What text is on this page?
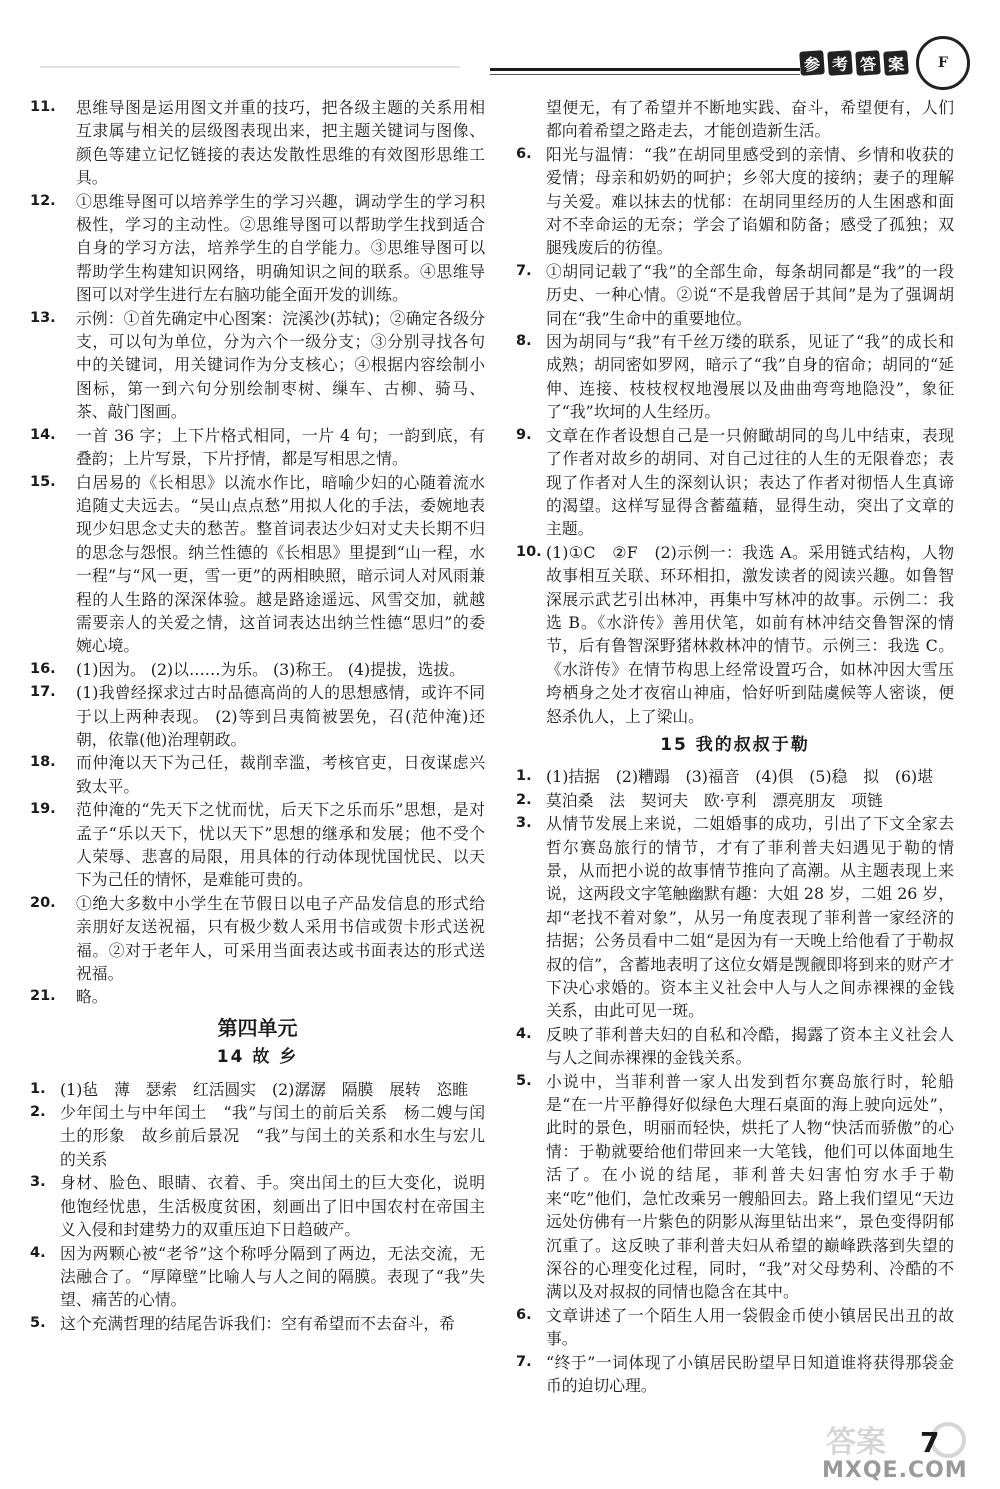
参 考 答 案	F
11.	思维导图是运用图文并重的技巧，把各级主题的关系用相互隶属与相关的层级图表现出来，把主题关键词与图像、颜色等建立记忆链接的表达发散性思维的有效图形思维工具。
12.	①思维导图可以培养学生的学习兴趣，调动学生的学习积极性，学习的主动性。②思维导图可以帮助学生找到适合自身的学习方法，培养学生的自学能力。③思维导图可以帮助学生构建知识网络，明确知识之间的联系。④思维导图可以对学生进行左右脑功能全面开发的训练。
13.	示例：①首先确定中心图案：浣溪沙(苏轼)；②确定各级分支，可以句为单位，分为六个一级分支；③分别寻找各句中的关键词，用关键词作为分支核心；④根据内容绘制小图标，第一到六句分别绘制枣树、缫车、古柳、骑马、茶、敲门图画。
14.	一首 36 字；上下片格式相同，一片 4 句；一韵到底，有叠韵；上片写景，下片抒情，都是写相思之情。
15.	白居易的《长相思》以流水作比，暗喻少妇的心随着流水追随丈夫远去。“吴山点点愁”用拟人化的手法，委婉地表现少妇思念丈夫的愁苦。整首词表达少妇对丈夫长期不归的思念与怨恨。纳兰性德的《长相思》里提到“山一程，水一程”与“风一更，雪一更”的两相映照，暗示词人对风雨兼程的人生路的深深体验。越是路途遥远、风雪交加，就越需要亲人的关爱之情，这首词表达出纳兰性德“思归”的委婉心境。
16.	(1)因为。 (2)以……为乐。 (3)称王。 (4)提拔，选拔。
17.	(1)我曾经探求过古时品德高尚的人的思想感情，或许不同于以上两种表现。 (2)等到吕夷简被罢免，召(范仲淹)还朝，依靠(他)治理朝政。
18.	而仲淹以天下为己任，裁削幸滥，考核官吏，日夜谋虑兴致太平。
19.	范仲淹的“先天下之忧而忧，后天下之乐而乐”思想，是对孟子“乐以天下，忧以天下”思想的继承和发展；他不受个人荣辱、悲喜的局限，用具体的行动体现忧国忧民、以天下为己任的情怀，是难能可贵的。
20.	①绝大多数中小学生在节假日以电子产品发信息的形式给亲朋好友送祝福，只有极少数人采用书信或贺卡形式送祝福。②对于老年人，可采用当面表达或书面表达的形式送祝福。
21.	略。
第四单元
14 故 乡
1. (1)毡　薄　瑟索　红活圆实　(2)潺潺　隔膜　展转　恣睢
2. 少年闰土与中年闰土　“我”与闰土的前后关系　杨二嫂与闰土的形象　故乡前后景况　“我”与闰土的关系和水生与宏儿的关系
3. 身材、脸色、眼睛、衣着、手。突出闰土的巨大变化，说明他饱经忧患，生活极度贫困，刻画出了旧中国农村在帝国主义入侵和封建势力的双重压迫下日趋破产。
4. 因为两颗心被“老爷”这个称呼分隔到了两边，无法交流，无法融合了。“厚障壁”比喻人与人之间的隔膜。表现了“我”失望、痛苦的心情。
5. 这个充满哲理的结尾告诉我们：空有希望而不去奋斗，希
望便无，有了希望并不断地实践、奋斗，希望便有，人们都向着希望之路走去，才能创造新生活。
6. 阳光与温情：“我”在胡同里感受到的亲情、乡情和收获的爱情；母亲和奶奶的呵护；乡邻大度的接纳；妻子的理解与关爱。难以抹去的忧郁：在胡同里经历的人生困惑和面对不幸命运的无奈；学会了谄媚和防备；感受了孤独；双腿残废后的彷徨。
7. ①胡同记载了“我”的全部生命，每条胡同都是“我”的一段历史、一种心情。②说“不是我曾居于其间”是为了强调胡同在“我”生命中的重要地位。
8. 因为胡同与“我”有千丝万缕的联系，见证了“我”的成长和成熟；胡同密如罗网，暗示了“我”自身的宿命；胡同的“延伸、连接、枝枝杈杈地漫展以及曲曲弯弯地隐没”，象征了“我”坎坷的人生经历。
9. 文章在作者设想自己是一只俯瞰胡同的鸟儿中结束，表现了作者对故乡的胡同、对自己过往的人生的无限眷恋；表现了作者对人生的深刻认识；表达了作者对彻悟人生真谛的渴望。这样写显得含蓄蕴藉，显得生动，突出了文章的主题。
10. (1)①C　②F　(2)示例一：我选 A。采用链式结构，人物故事相互关联、环环相扣，激发读者的阅读兴趣。如鲁智深展示武艺引出林冲，再集中写林冲的故事。示例二：我选 B。《水浒传》善用伏笔，如前有林冲结交鲁智深的情节，后有鲁智深野猪林救林冲的情节。示例三：我选 C。《水浒传》在情节构思上经常设置巧合，如林冲因大雪压垮栖身之处才夜宿山神庙，恰好听到陆虞候等人密谈，便怒杀仇人，上了梁山。
15 我的叔叔于勒
1. (1)拮据　(2)糟蹋　(3)福音　(4)倶　(5)稳　拟　(6)堪
2. 莫泊桑　法　契诃夫　欧·亨利　漂亮朋友　项链
3. 从情节发展上来说，二姐婚事的成功，引出了下文全家去哲尔赛岛旅行的情节，才有了菲利普夫妇遇见于勒的情景，从而把小说的故事情节推向了高潮。从主题表现上来说，这两段文字笔触幽默有趣：大姐 28 岁，二姐 26 岁，却“老找不着对象”，从另一角度表现了菲利普一家经济的拮据；公务员看中二姐“是因为有一天晚上给他看了于勒叔叔的信”，含蓄地表明了这位女婿是觊觎即将到来的财产才下决心求婚的。资本主义社会中人与人之间赤裸裸的金钱关系，由此可见一斑。
4. 反映了菲利普夫妇的自私和冷酷，揭露了资本主义社会人与人之间赤裸裸的金钱关系。
5. 小说中，当菲利普一家人出发到哲尔赛岛旅行时，轮船是“在一片平静得好似绿色大理石桌面的海上驶向远处”，此时的景色，明丽而轻快，烘托了人物“快活而骄傲”的心情：于勒就要给他们带回来一大笔钱，他们可以体面地生活了。在小说的结尾，菲利普夫妇害怕穷水手于勒来“吃”他们，急忙改乘另一艘船回去。路上我们望见“天边远处仿佛有一片紫色的阴影从海里钻出来”，景色变得阴郁沉重了。这反映了菲利普夫妇从希望的巅峰跌落到失望的深谷的心理变化过程，同时，“我”对父母势利、冷酷的不满以及对叔叔的同情也隐含在其中。
6. 文章讲述了一个陌生人用一袋假金币使小镇居民出丑的故事。
7. “终于”一词体现了小镇居民盼望早日知道谁将获得那袋金币的迫切心理。
答案
MXQE.COM
7
